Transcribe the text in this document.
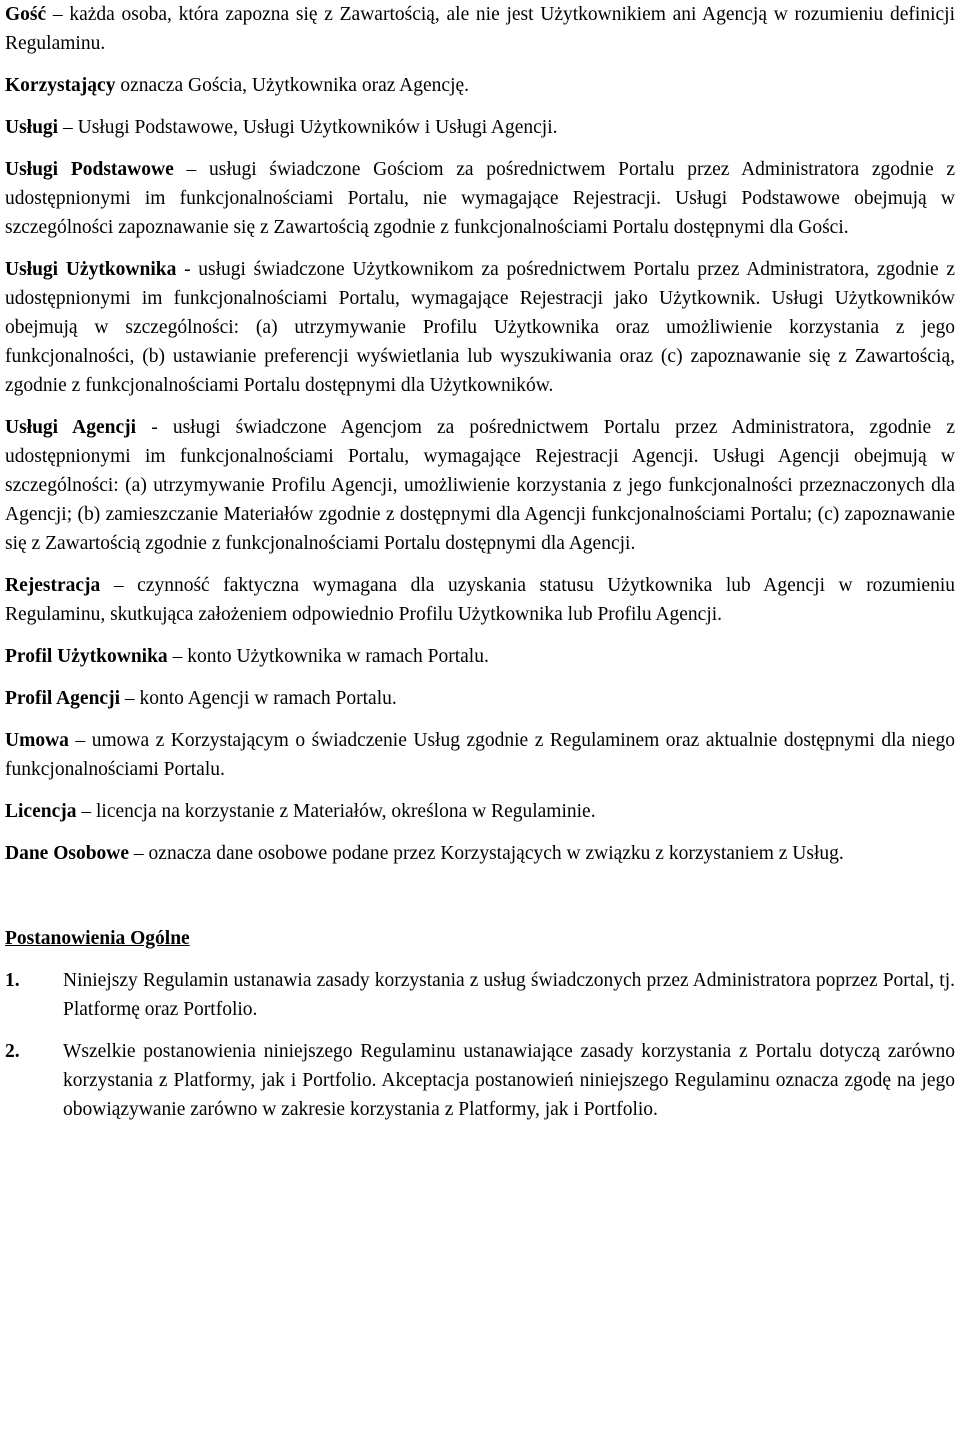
Gość – każda osoba, która zapozna się z Zawartością, ale nie jest Użytkownikiem ani Agencją w rozumieniu definicji Regulaminu.

Korzystający oznacza Gościa, Użytkownika oraz Agencję.

Usługi – Usługi Podstawowe, Usługi Użytkowników i Usługi Agencji.

Usługi Podstawowe – usługi świadczone Gościom za pośrednictwem Portalu przez Administratora zgodnie z udostępnionymi im funkcjonalnościami Portalu, nie wymagające Rejestracji. Usługi Podstawowe obejmują w szczególności zapoznawanie się z Zawartością zgodnie z funkcjonalnościami Portalu dostępnymi dla Gości.

Usługi Użytkownika - usługi świadczone Użytkownikom za pośrednictwem Portalu przez Administratora, zgodnie z udostępnionymi im funkcjonalnościami Portalu, wymagające Rejestracji jako Użytkownik. Usługi Użytkowników obejmują w szczególności: (a) utrzymywanie Profilu Użytkownika oraz umożliwienie korzystania z jego funkcjonalności, (b) ustawianie preferencji wyświetlania lub wyszukiwania oraz (c) zapoznawanie się z Zawartością, zgodnie z funkcjonalnościami Portalu dostępnymi dla Użytkowników.

Usługi Agencji - usługi świadczone Agencjom za pośrednictwem Portalu przez Administratora, zgodnie z udostępnionymi im funkcjonalnościami Portalu, wymagające Rejestracji Agencji. Usługi Agencji obejmują w szczególności: (a) utrzymywanie Profilu Agencji, umożliwienie korzystania z jego funkcjonalności przeznaczonych dla Agencji; (b) zamieszczanie Materiałów zgodnie z dostępnymi dla Agencji funkcjonalnościami Portalu; (c) zapoznawanie się z Zawartością zgodnie z funkcjonalnościami Portalu dostępnymi dla Agencji.

Rejestracja – czynność faktyczna wymagana dla uzyskania statusu Użytkownika lub Agencji w rozumieniu Regulaminu, skutkująca założeniem odpowiednio Profilu Użytkownika lub Profilu Agencji.

Profil Użytkownika – konto Użytkownika w ramach Portalu.

Profil Agencji – konto Agencji w ramach Portalu.

Umowa – umowa z Korzystającym o świadczenie Usług zgodnie z Regulaminem oraz aktualnie dostępnymi dla niego funkcjonalnościami Portalu.

Licencja – licencja na korzystanie z Materiałów, określona w Regulaminie.

Dane Osobowe – oznacza dane osobowe podane przez Korzystających w związku z korzystaniem z Usług.

Postanowienia Ogólne
1.	Niniejszy Regulamin ustanawia zasady korzystania z usług świadczonych przez Administratora poprzez Portal, tj. Platformę oraz Portfolio.
2.	Wszelkie postanowienia niniejszego Regulaminu ustanawiające zasady korzystania z Portalu dotyczą zarówno korzystania z Platformy, jak i Portfolio. Akceptacja postanowień niniejszego Regulaminu oznacza zgodę na jego obowiązywanie zarówno w zakresie korzystania z Platformy, jak i Portfolio.
